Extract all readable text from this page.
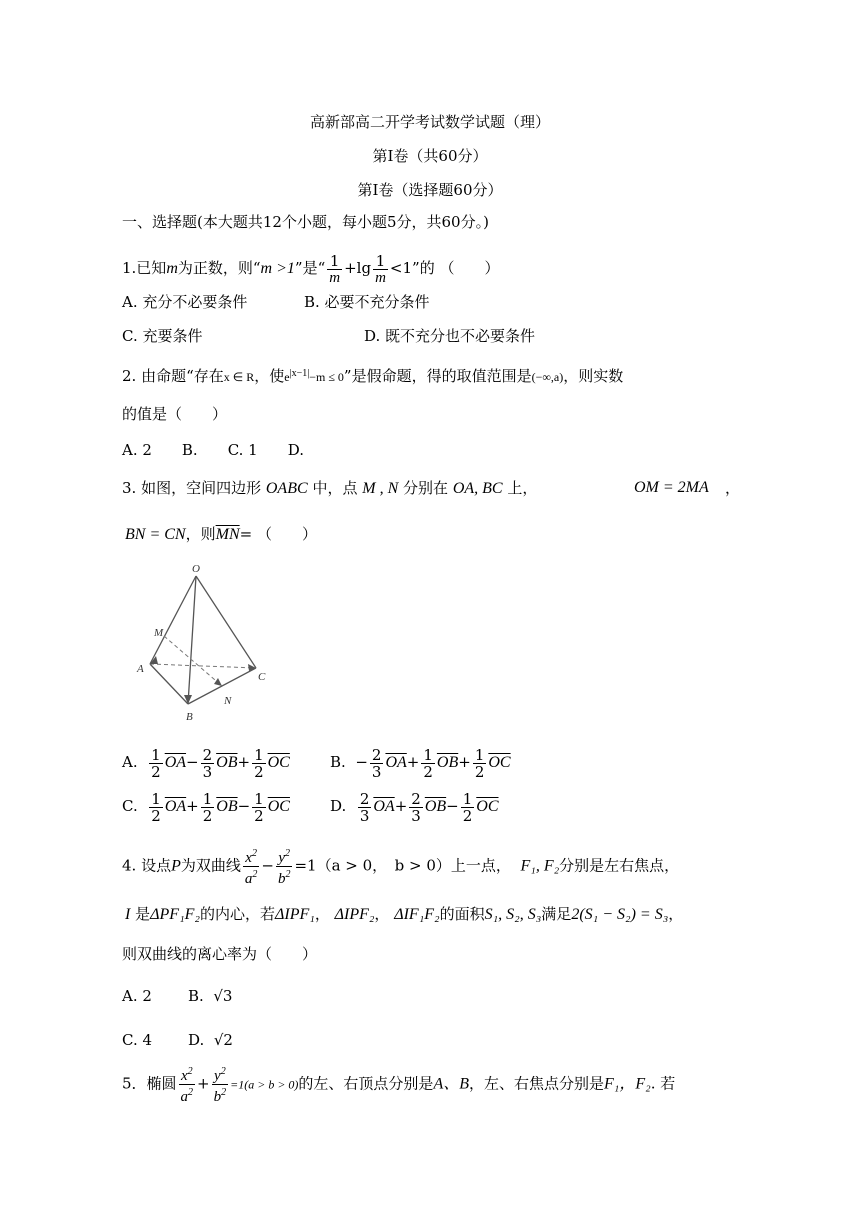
高新部高二开学考试数学试题（理）
第Ⅰ卷（共60分）
第Ⅰ卷（选择题60分）
一、选择题(本大题共12个小题，每小题5分，共60分。)
1.已知m为正数，则“m >1”是“ $\frac{1}{m} +\lg \frac{1}{m} <1$”的 （　　）
A. 充分不必要条件	B. 必要不充分条件
C. 充要条件	D. 既不充分也不必要条件
2. 由命题“存在x ∈ R，使$e^{|x-1|}-m \le 0$”是假命题，得的取值范围是(−∞,a)，则实数
的值是（　　）
A. 2　　B.　　C. 1　　D.
3. 如图，空间四边形 OABC 中，点 M , N 分别在 OA, BC 上，	OM = 2MA ，
BN = CN，则$\overline{MN}=$ （　　）
O
M
A
C
N
B
A. $\frac{1}{2} \overline{OA}- \frac{2}{3} \overline{OB}+ \frac{1}{2} \overline{OC}$	B.  − $\frac{2}{3} \overline{OA}+ \frac{1}{2} \overline{OB}+ \frac{1}{2} \overline{OC}$
C. $\frac{1}{2} \overline{OA}+ \frac{1}{2} \overline{OB}- \frac{1}{2} \overline{OC}$	D. $\frac{2}{3} \overline{OA}+ \frac{2}{3} \overline{OB}- \frac{1}{2} \overline{OC}$
4. 设点P为双曲线 $\frac{x^2}{a^2} - \frac{y^2}{b^2} =1(a > 0$，　b > 0）上一点， F₁, F₂分别是左右焦点，
I 是ΔPF₁F₂的内心，若ΔIPF₁， ΔIPF₂， ΔIF₁F₂的面积S₁, S₂, S₃满足2(S₁ − S₂) = S₃，
则双曲线的离心率为（　　）
A. 2 B. √3
C. 4 D. √2
5．椭圆 $\frac{x^2}{a^2} + \frac{y^2}{b^2} =1(a > b > 0)$的左、右顶点分别是A、B，左、右焦点分别是F₁，F₂. 若
